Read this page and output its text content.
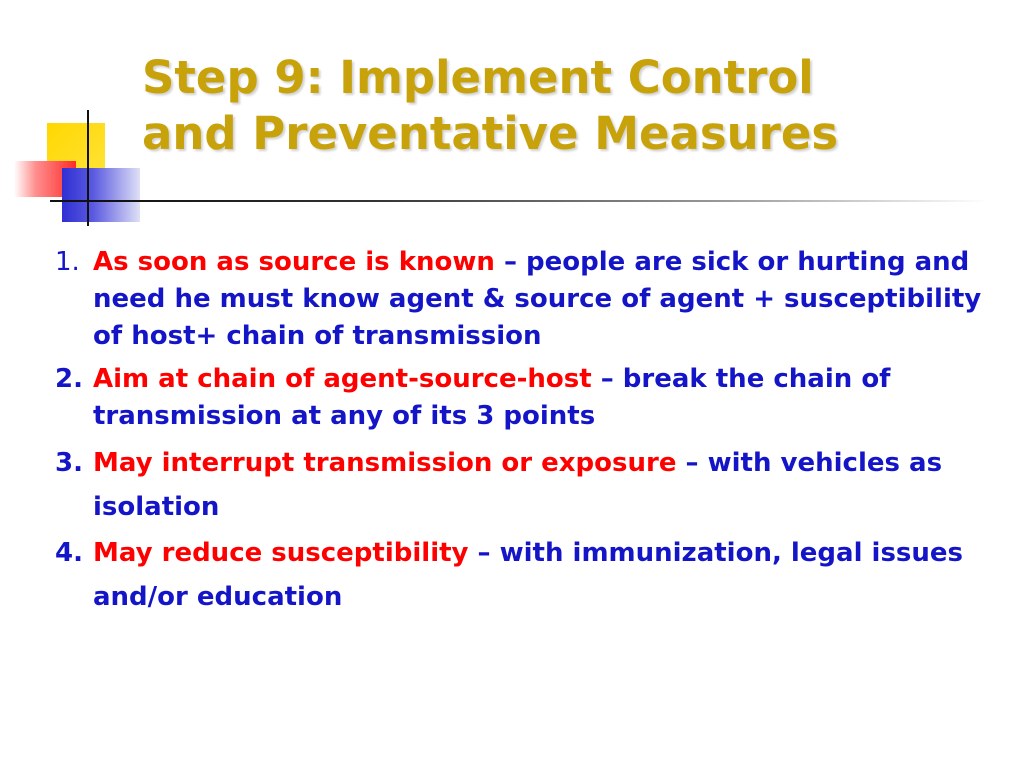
Step 9: Implement Control
and Preventative Measures
1. As soon as source is known – people are sick or hurting and need he must know agent & source of agent + susceptibility of host+ chain of transmission
2. Aim at chain of agent-source-host – break the chain of transmission at any of its 3 points
3. May interrupt transmission or exposure – with vehicles as isolation
4. May reduce susceptibility – with immunization, legal issues and/or education
